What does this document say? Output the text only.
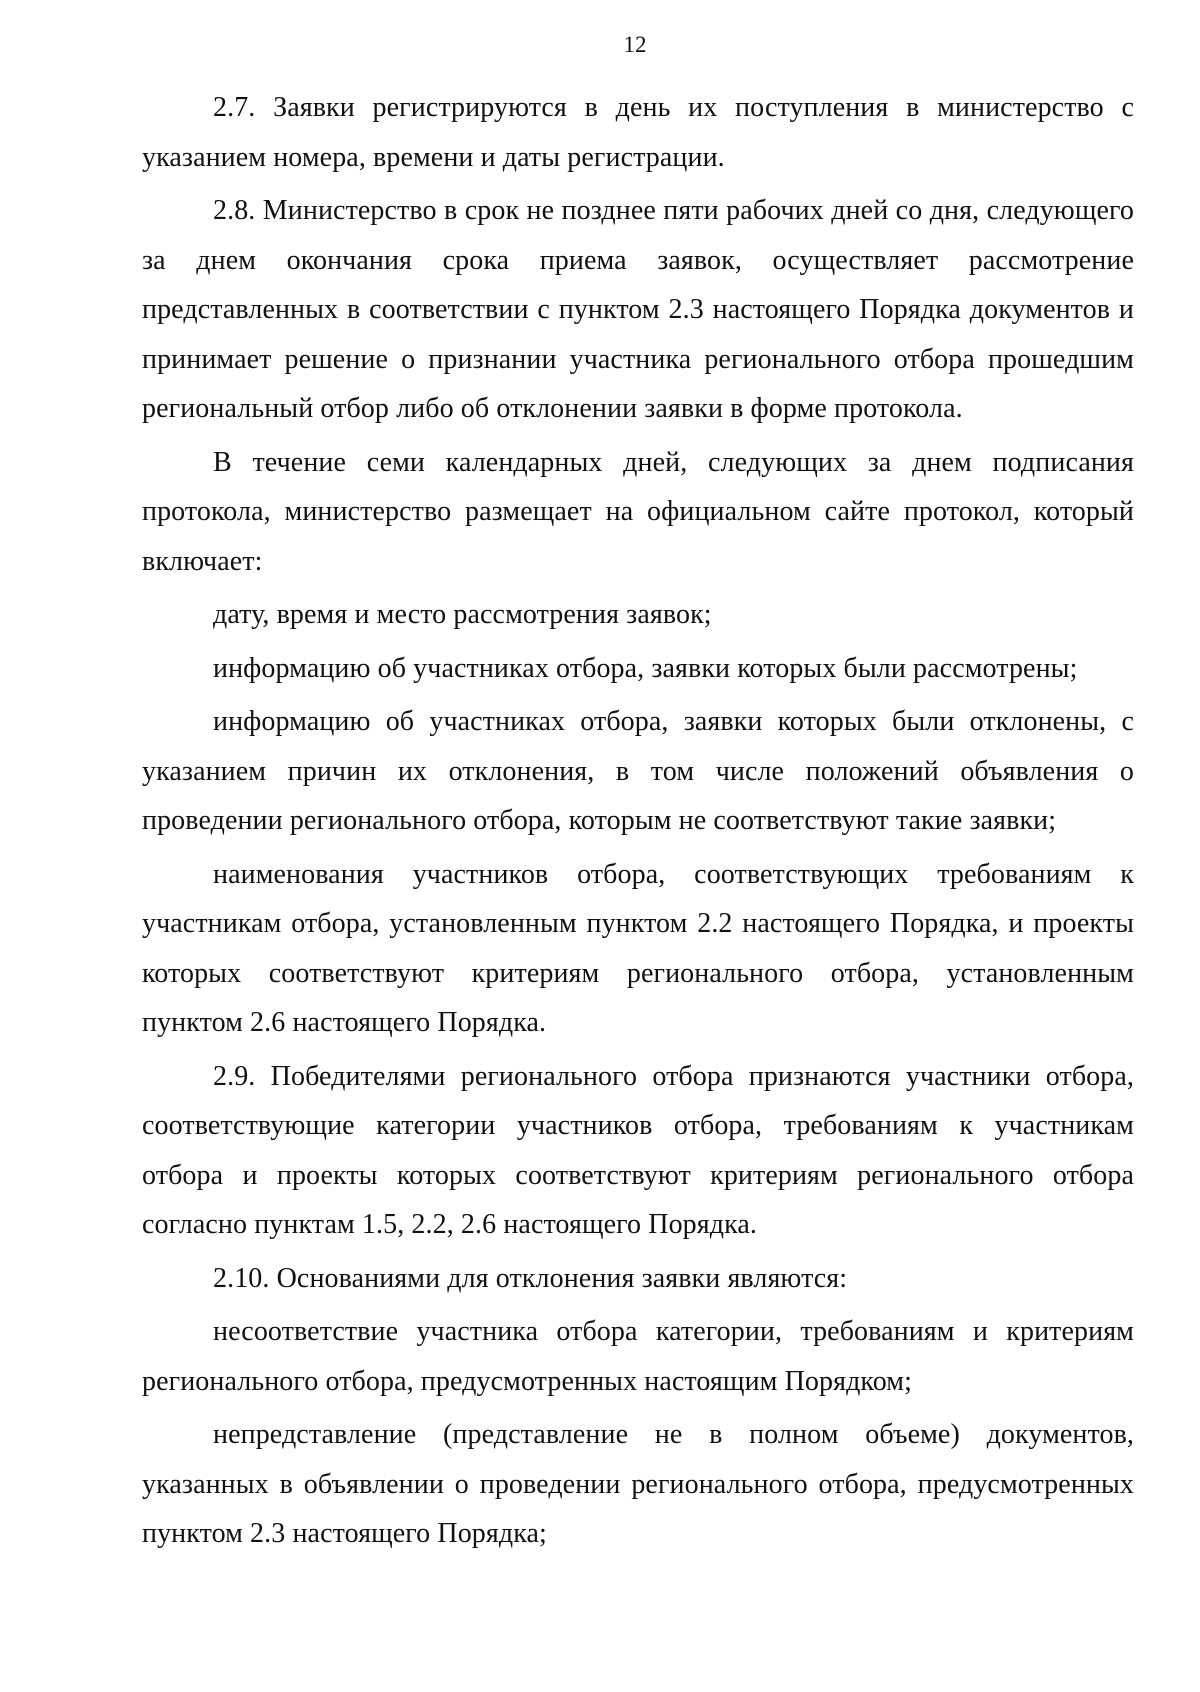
12

2.7. Заявки регистрируются в день их поступления в министерство с указанием номера, времени и даты регистрации.

2.8. Министерство в срок не позднее пяти рабочих дней со дня, следующего за днем окончания срока приема заявок, осуществляет рассмотрение представленных в соответствии с пунктом 2.3 настоящего Порядка документов и принимает решение о признании участника регионального отбора прошедшим региональный отбор либо об отклонении заявки в форме протокола.

В течение семи календарных дней, следующих за днем подписания протокола, министерство размещает на официальном сайте протокол, который включает:

дату, время и место рассмотрения заявок;

информацию об участниках отбора, заявки которых были рассмотрены;

информацию об участниках отбора, заявки которых были отклонены, с указанием причин их отклонения, в том числе положений объявления о проведении регионального отбора, которым не соответствуют такие заявки;

наименования участников отбора, соответствующих требованиям к участникам отбора, установленным пунктом 2.2 настоящего Порядка, и проекты которых соответствуют критериям регионального отбора, установленным пунктом 2.6 настоящего Порядка.

2.9. Победителями регионального отбора признаются участники отбора, соответствующие категории участников отбора, требованиям к участникам отбора и проекты которых соответствуют критериям регионального отбора согласно пунктам 1.5, 2.2, 2.6 настоящего Порядка.

2.10. Основаниями для отклонения заявки являются:

несоответствие участника отбора категории, требованиям и критериям регионального отбора, предусмотренных настоящим Порядком;

непредставление (представление не в полном объеме) документов, указанных в объявлении о проведении регионального отбора, предусмотренных пунктом 2.3 настоящего Порядка;
